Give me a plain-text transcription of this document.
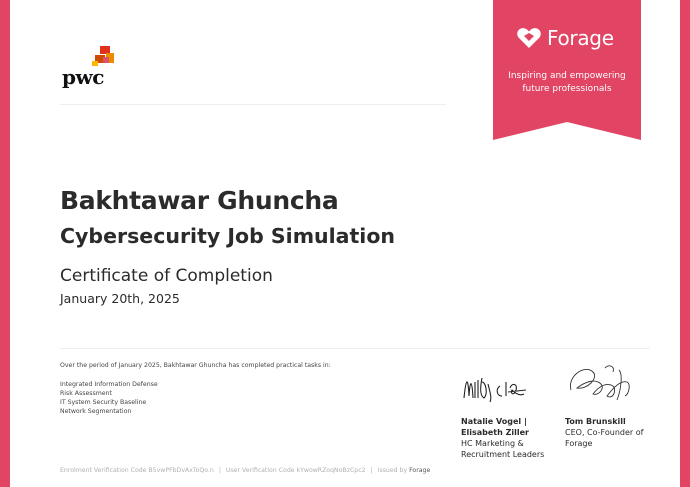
pwc
Forage
Inspiring and empowering
future professionals
Bakhtawar Ghuncha
Cybersecurity Job Simulation
Certificate of Completion
January 20th, 2025
Over the period of January 2025, Bakhtawar Ghuncha has completed practical tasks in:
Integrated Information Defense
Risk Assessment
IT System Security Baseline
Network Segmentation
Natalie Vogel |
Elisabeth Ziller
HC Marketing &
Recruitment Leaders
Tom Brunskill
CEO, Co-Founder of
Forage
Enrolment Verification Code B5vwPFbDvAxToQo.n | User Verification Code kYwowRZoqNoBzCpc2 | Issued by Forage
